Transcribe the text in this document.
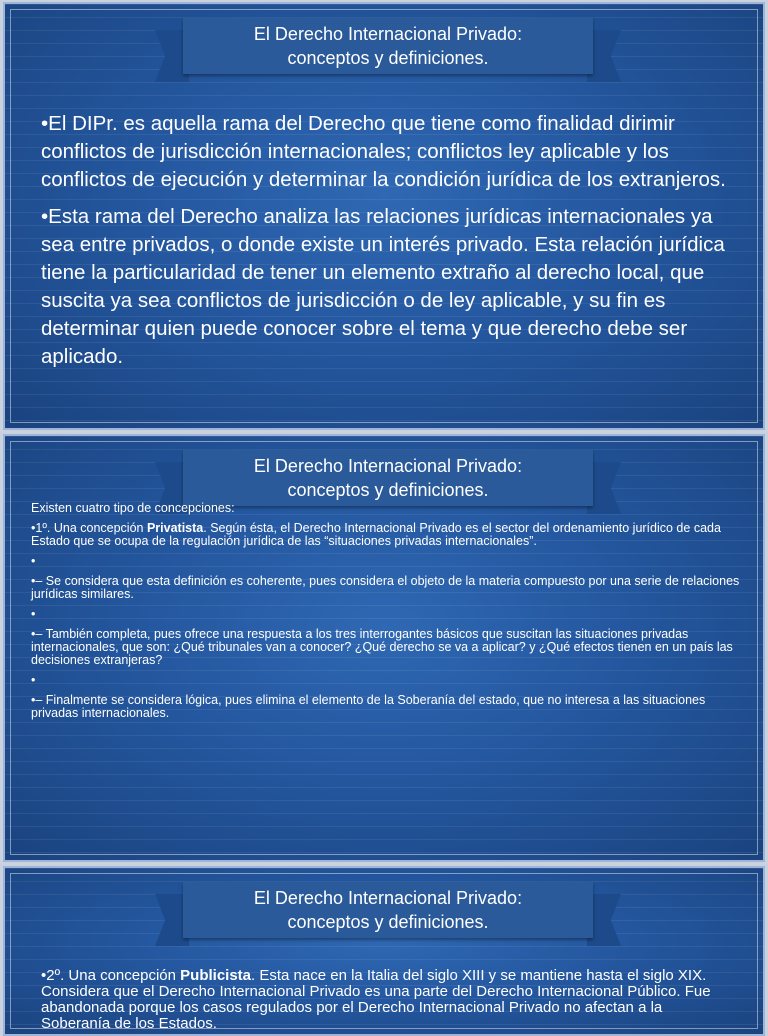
El Derecho Internacional Privado:
conceptos y definiciones.

•El DIPr. es aquella rama del Derecho que tiene como finalidad dirimir conflictos de jurisdicción internacionales; conflictos ley aplicable y los conflictos de ejecución y determinar la condición jurídica de los extranjeros.

•Esta rama del Derecho analiza las relaciones jurídicas internacionales ya sea entre privados, o donde existe un interés privado. Esta relación jurídica tiene la particularidad de tener un elemento extraño al derecho local, que suscita ya sea conflictos de jurisdicción o de ley aplicable, y su fin es determinar quien puede conocer sobre el tema y que derecho debe ser aplicado.

El Derecho Internacional Privado:
conceptos y definiciones.

Existen cuatro tipo de concepciones:

•1º. Una concepción Privatista. Según ésta, el Derecho Internacional Privado es el sector del ordenamiento jurídico de cada Estado que se ocupa de la regulación jurídica de las “situaciones privadas internacionales”.

•

•– Se considera que esta definición es coherente, pues considera el objeto de la materia compuesto por una serie de relaciones jurídicas similares.

•

•– También completa, pues ofrece una respuesta a los tres interrogantes básicos que suscitan las situaciones privadas internacionales, que son: ¿Qué tribunales van a conocer? ¿Qué derecho se va a aplicar? y ¿Qué efectos tienen en un país las decisiones extranjeras?

•

•– Finalmente se considera lógica, pues elimina el elemento de la Soberanía del estado, que no interesa a las situaciones privadas internacionales.

El Derecho Internacional Privado:
conceptos y definiciones.

•2º. Una concepción Publicista. Esta nace en la Italia del siglo XIII y se mantiene hasta el siglo XIX. Considera que el Derecho Internacional Privado es una parte del Derecho Internacional Público. Fue abandonada porque los casos regulados por el Derecho Internacional Privado no afectan a la Soberanía de los Estados.
